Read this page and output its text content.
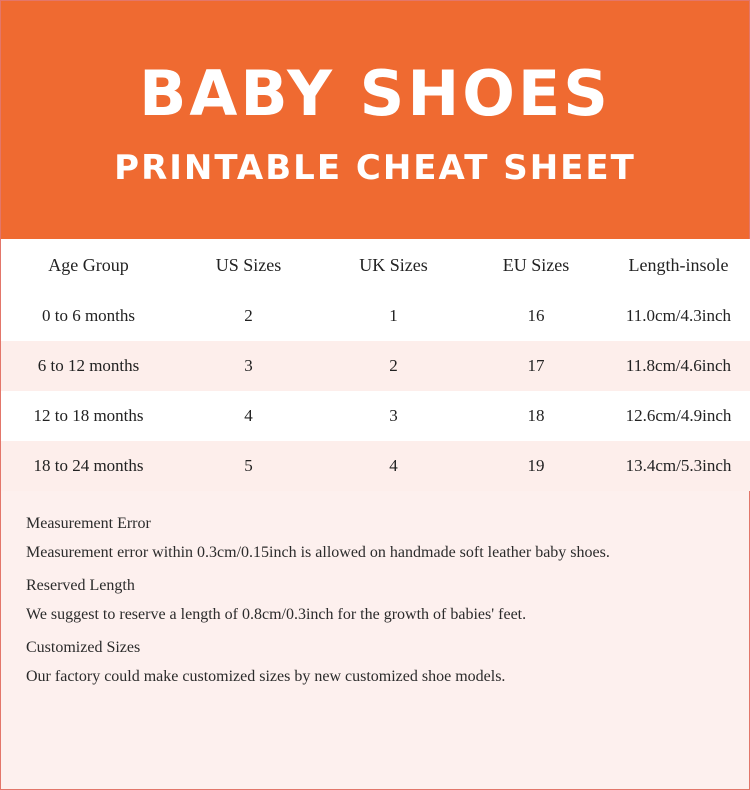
BABY SHOES
PRINTABLE CHEAT SHEET
Age Group	US Sizes	UK Sizes	EU Sizes	Length-insole
0 to 6 months	2	1	16	11.0cm/4.3inch
6 to 12 months	3	2	17	11.8cm/4.6inch
12 to 18 months	4	3	18	12.6cm/4.9inch
18 to 24 months	5	4	19	13.4cm/5.3inch

Measurement Error

Measurement error within 0.3cm/0.15inch is allowed on handmade soft leather baby shoes.

Reserved Length

We suggest to reserve a length of 0.8cm/0.3inch for the growth of babies' feet.

Customized Sizes

Our factory could make customized sizes by new customized shoe models.
